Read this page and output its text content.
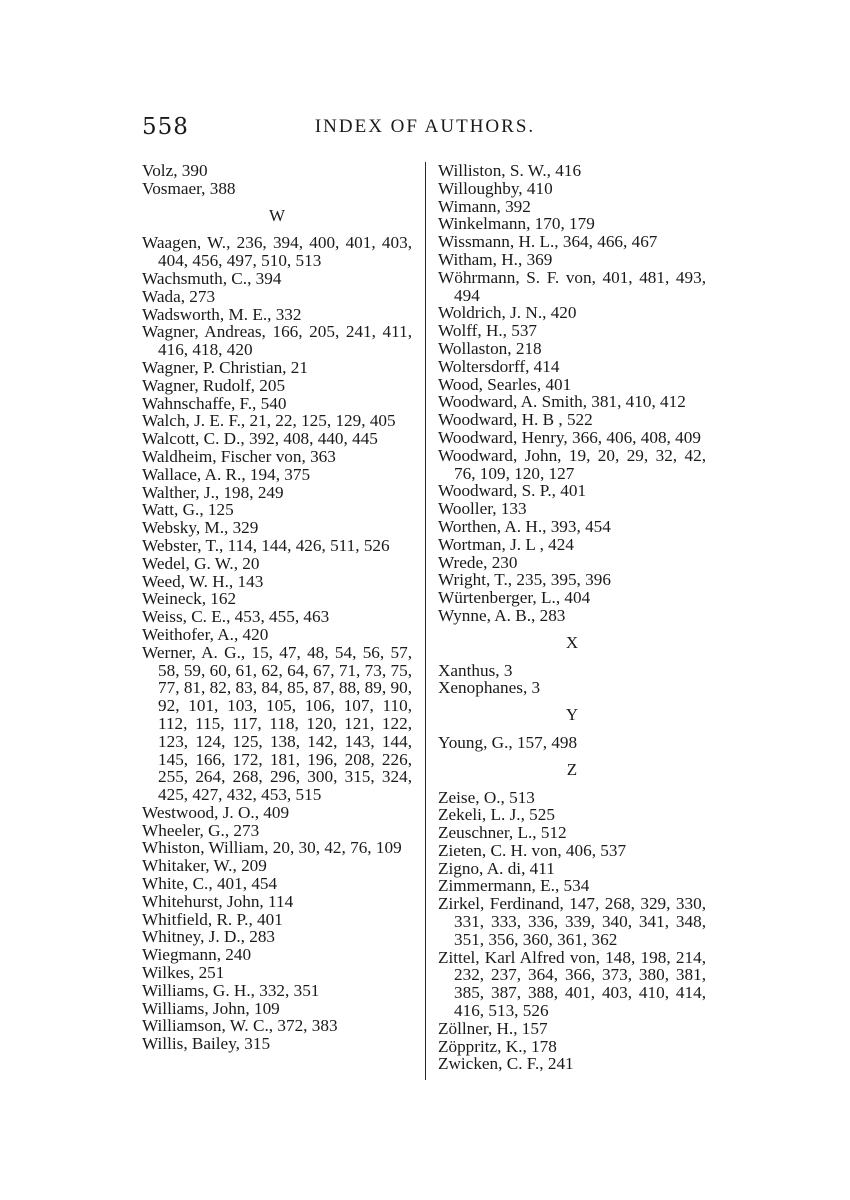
558	INDEX OF AUTHORS.
Volz, 390
Vosmaer, 388
W
Waagen, W., 236, 394, 400, 401, 403, 404, 456, 497, 510, 513
Wachsmuth, C., 394
Wada, 273
Wadsworth, M. E., 332
Wagner, Andreas, 166, 205, 241, 411, 416, 418, 420
Wagner, P. Christian, 21
Wagner, Rudolf, 205
Wahnschaffe, F., 540
Walch, J. E. F., 21, 22, 125, 129, 405
Walcott, C. D., 392, 408, 440, 445
Waldheim, Fischer von, 363
Wallace, A. R., 194, 375
Walther, J., 198, 249
Watt, G., 125
Websky, M., 329
Webster, T., 114, 144, 426, 511, 526
Wedel, G. W., 20
Weed, W. H., 143
Weineck, 162
Weiss, C. E., 453, 455, 463
Weithofer, A., 420
Werner, A. G., 15, 47, 48, 54, 56, 57, 58, 59, 60, 61, 62, 64, 67, 71, 73, 75, 77, 81, 82, 83, 84, 85, 87, 88, 89, 90, 92, 101, 103, 105, 106, 107, 110, 112, 115, 117, 118, 120, 121, 122, 123, 124, 125, 138, 142, 143, 144, 145, 166, 172, 181, 196, 208, 226, 255, 264, 268, 296, 300, 315, 324, 425, 427, 432, 453, 515
Westwood, J. O., 409
Wheeler, G., 273
Whiston, William, 20, 30, 42, 76, 109
Whitaker, W., 209
White, C., 401, 454
Whitehurst, John, 114
Whitfield, R. P., 401
Whitney, J. D., 283
Wiegmann, 240
Wilkes, 251
Williams, G. H., 332, 351
Williams, John, 109
Williamson, W. C., 372, 383
Willis, Bailey, 315
Williston, S. W., 416
Willoughby, 410
Wimann, 392
Winkelmann, 170, 179
Wissmann, H. L., 364, 466, 467
Witham, H., 369
Wöhrmann, S. F. von, 401, 481, 493, 494
Woldrich, J. N., 420
Wolff, H., 537
Wollaston, 218
Woltersdorff, 414
Wood, Searles, 401
Woodward, A. Smith, 381, 410, 412
Woodward, H. B , 522
Woodward, Henry, 366, 406, 408, 409
Woodward, John, 19, 20, 29, 32, 42, 76, 109, 120, 127
Woodward, S. P., 401
Wooller, 133
Worthen, A. H., 393, 454
Wortman, J. L , 424
Wrede, 230
Wright, T., 235, 395, 396
Würtenberger, L., 404
Wynne, A. B., 283
X
Xanthus, 3
Xenophanes, 3
Y
Young, G., 157, 498
Z
Zeise, O., 513
Zekeli, L. J., 525
Zeuschner, L., 512
Zieten, C. H. von, 406, 537
Zigno, A. di, 411
Zimmermann, E., 534
Zirkel, Ferdinand, 147, 268, 329, 330, 331, 333, 336, 339, 340, 341, 348, 351, 356, 360, 361, 362
Zittel, Karl Alfred von, 148, 198, 214, 232, 237, 364, 366, 373, 380, 381, 385, 387, 388, 401, 403, 410, 414, 416, 513, 526
Zöllner, H., 157
Zöppritz, K., 178
Zwicken, C. F., 241
